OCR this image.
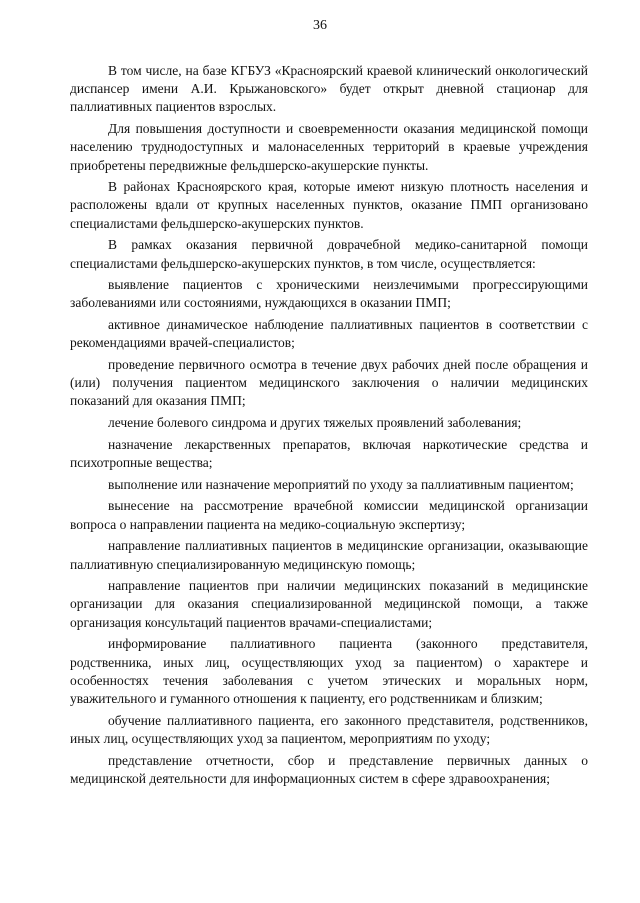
36

В том числе, на базе КГБУЗ «Красноярский краевой клинический онкологический диспансер имени А.И. Крыжановского» будет открыт дневной стационар для паллиативных пациентов взрослых.

Для повышения доступности и своевременности оказания медицинской помощи населению труднодоступных и малонаселенных территорий в краевые учреждения приобретены передвижные фельдшерско-акушерские пункты.

В районах Красноярского края, которые имеют низкую плотность населения и расположены вдали от крупных населенных пунктов, оказание ПМП организовано специалистами фельдшерско-акушерских пунктов.

В рамках оказания первичной доврачебной медико-санитарной помощи специалистами фельдшерско-акушерских пунктов, в том числе, осуществляется:

выявление пациентов с хроническими неизлечимыми прогрессирующими заболеваниями или состояниями, нуждающихся в оказании ПМП;

активное динамическое наблюдение паллиативных пациентов в соответствии с рекомендациями врачей-специалистов;

проведение первичного осмотра в течение двух рабочих дней после обращения и (или) получения пациентом медицинского заключения о наличии медицинских показаний для оказания ПМП;

лечение болевого синдрома и других тяжелых проявлений заболевания;

назначение лекарственных препаратов, включая наркотические средства и психотропные вещества;

выполнение или назначение мероприятий по уходу за паллиативным пациентом;

вынесение на рассмотрение врачебной комиссии медицинской организации вопроса о направлении пациента на медико-социальную экспертизу;

направление паллиативных пациентов в медицинские организации, оказывающие паллиативную специализированную медицинскую помощь;

направление пациентов при наличии медицинских показаний в медицинские организации для оказания специализированной медицинской помощи, а также организация консультаций пациентов врачами-специалистами;

информирование паллиативного пациента (законного представителя, родственника, иных лиц, осуществляющих уход за пациентом) о характере и особенностях течения заболевания с учетом этических и моральных норм, уважительного и гуманного отношения к пациенту, его родственникам и близким;

обучение паллиативного пациента, его законного представителя, родственников, иных лиц, осуществляющих уход за пациентом, мероприятиям по уходу;

представление отчетности, сбор и представление первичных данных о медицинской деятельности для информационных систем в сфере здравоохранения;
